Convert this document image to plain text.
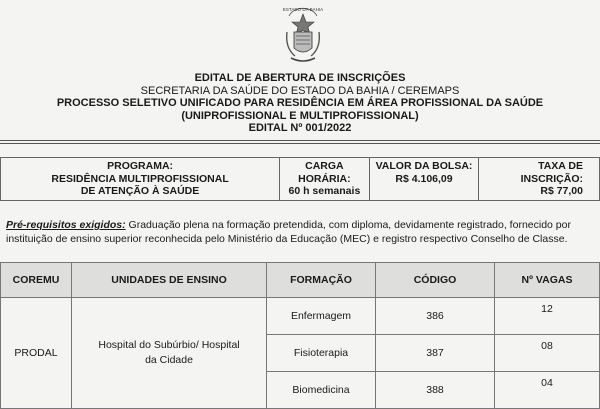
ESTADO DA BAHIA
EDITAL DE ABERTURA DE INSCRIÇÕES
SECRETARIA DA SAÚDE DO ESTADO DA BAHIA / CEREMAPS
PROCESSO SELETIVO UNIFICADO PARA RESIDÊNCIA EM ÁREA PROFISSIONAL DA SAÚDE
(UNIPROFISSIONAL E MULTIPROFISSIONAL)
EDITAL Nº 001/2022
PROGRAMA:
RESIDÊNCIA MULTIPROFISSIONAL DE ATENÇÃO À SAÚDE

CARGA HORÁRIA:
60 h semanais

VALOR DA BOLSA:
R$ 4.106,09

TAXA DE INSCRIÇÃO:
R$ 77,00
Pré-requisitos exigidos: Graduação plena na formação pretendida, com diploma, devidamente registrado, fornecido por instituição de ensino superior reconhecida pelo Ministério da Educação (MEC) e registro respectivo Conselho de Classe.
COREMU	UNIDADES DE ENSINO	FORMAÇÃO	CÓDIGO	Nº VAGAS
PRODAL	Hospital do Subúrbio/ Hospital da Cidade	Enfermagem	386	12
		Fisioterapia	387	08
		Biomedicina	388	04
